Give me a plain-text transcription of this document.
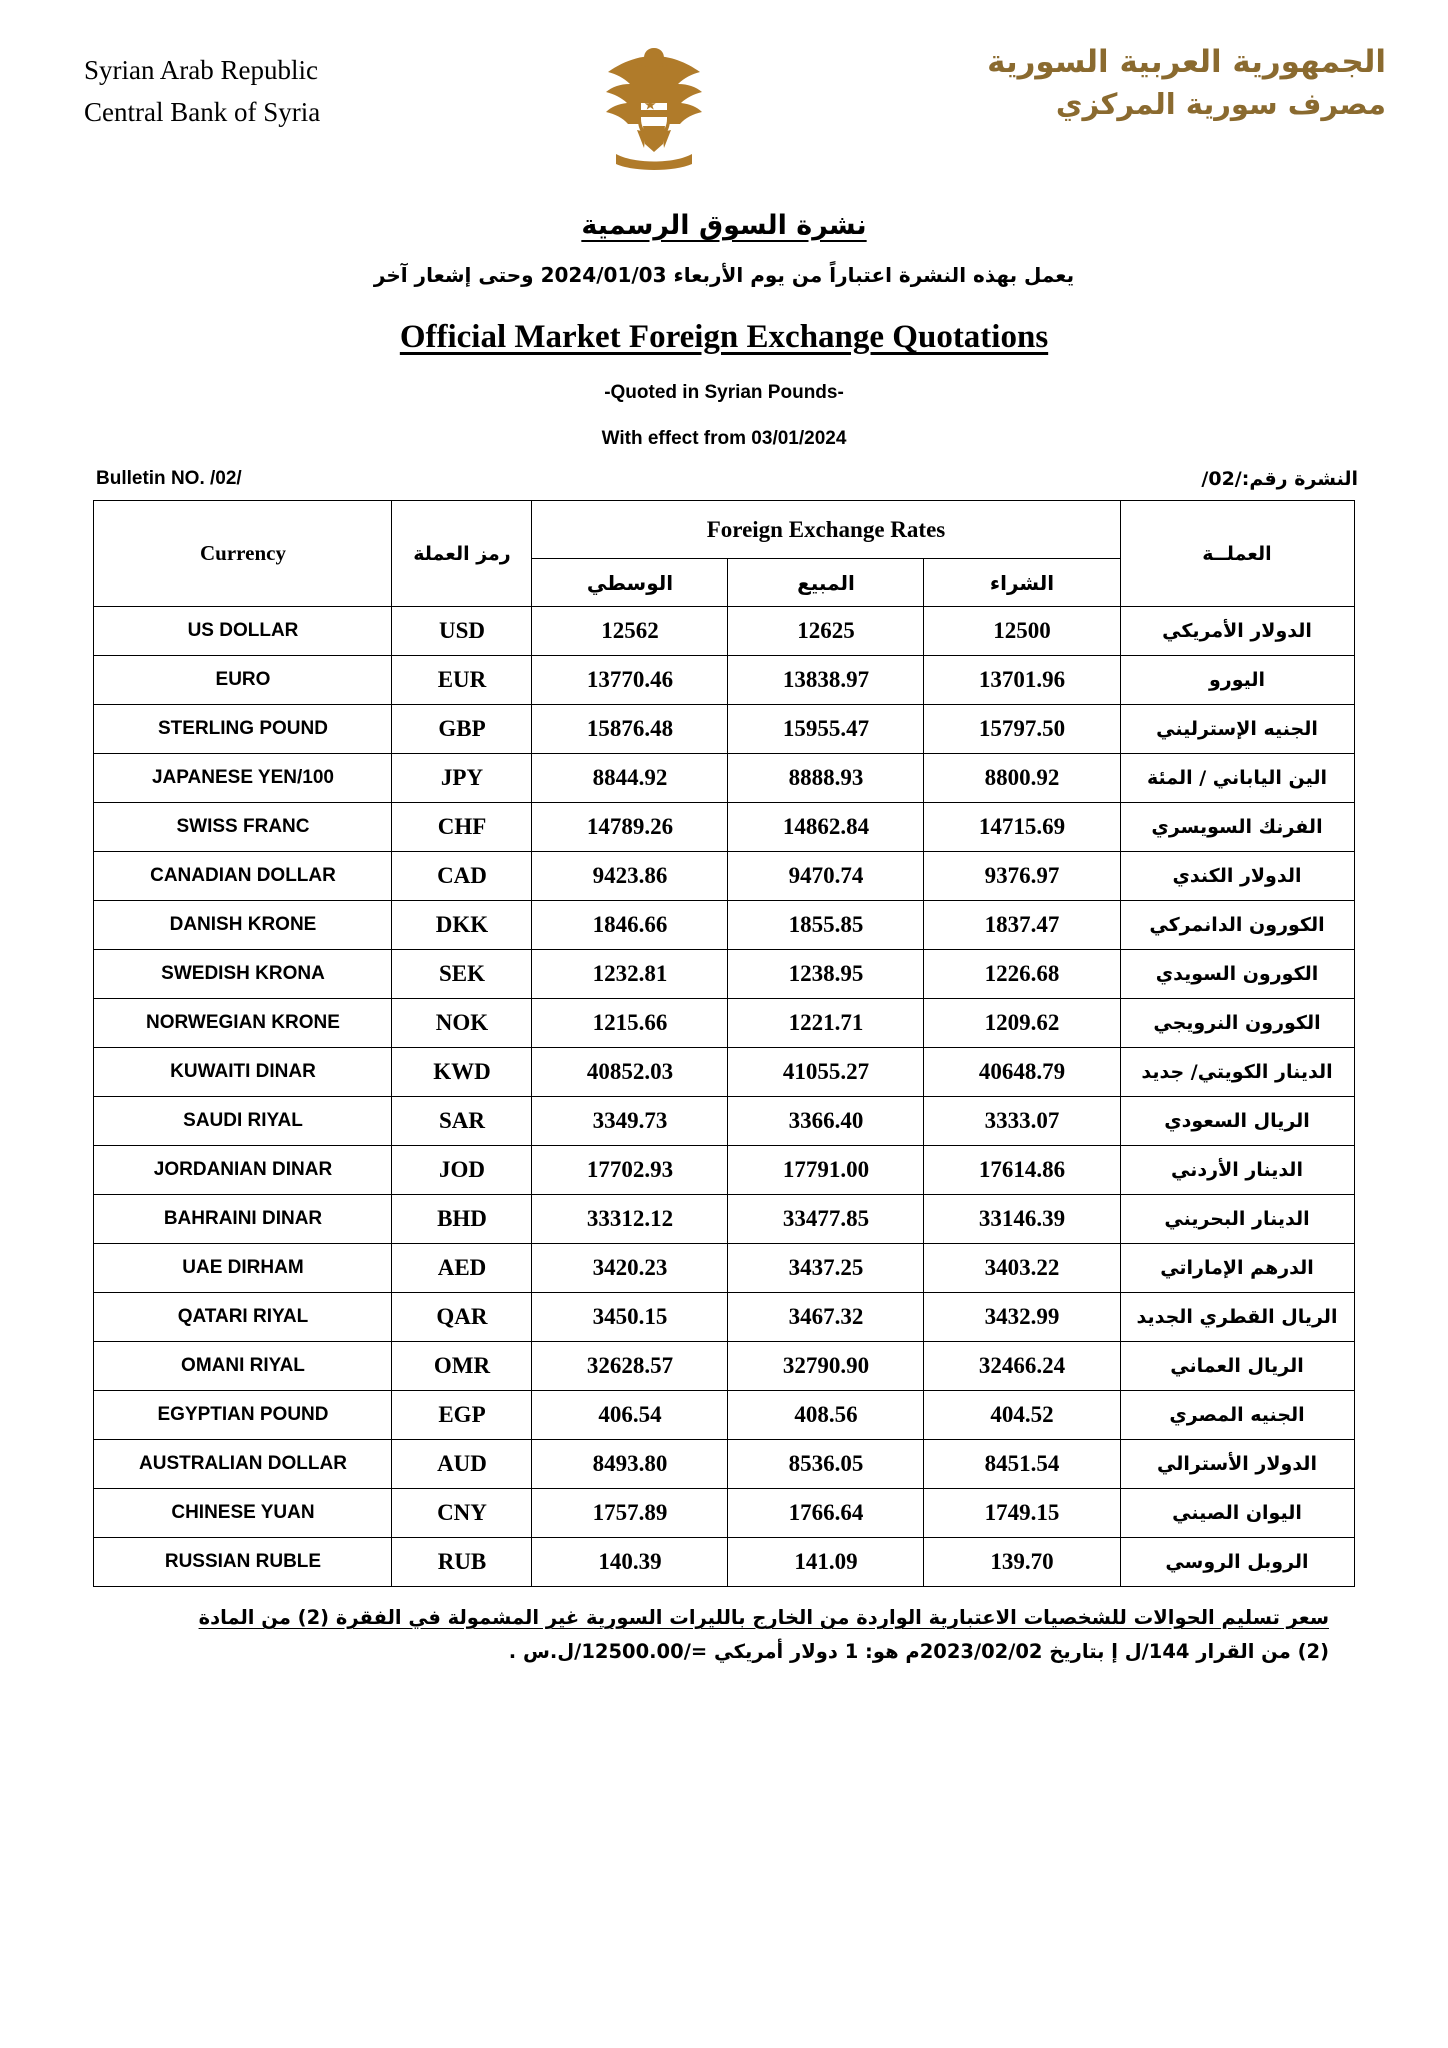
Syrian Arab Republic
Central Bank of Syria
الجمهورية العربية السورية
مصرف سورية المركزي
نشرة السوق الرسمية
يعمل بهذه النشرة اعتباراً من يوم الأربعاء 2024/01/03 وحتى إشعار آخر
Official Market Foreign Exchange Quotations
-Quoted in Syrian Pounds-
With effect from 03/01/2024
Bulletin NO. /02/	النشرة رقم:/02/
Currency	رمز العملة	Foreign Exchange Rates			العملــة
		الوسطي	المبيع	الشراء	
US DOLLAR	USD	12562	12625	12500	الدولار الأمريكي
EURO	EUR	13770.46	13838.97	13701.96	اليورو
STERLING POUND	GBP	15876.48	15955.47	15797.50	الجنيه الإسترليني
JAPANESE YEN/100	JPY	8844.92	8888.93	8800.92	الين الياباني / المئة
SWISS FRANC	CHF	14789.26	14862.84	14715.69	الفرنك السويسري
CANADIAN DOLLAR	CAD	9423.86	9470.74	9376.97	الدولار الكندي
DANISH KRONE	DKK	1846.66	1855.85	1837.47	الكورون الدانمركي
SWEDISH KRONA	SEK	1232.81	1238.95	1226.68	الكورون السويدي
NORWEGIAN KRONE	NOK	1215.66	1221.71	1209.62	الكورون النرويجي
KUWAITI DINAR	KWD	40852.03	41055.27	40648.79	الدينار الكويتي/ جديد
SAUDI RIYAL	SAR	3349.73	3366.40	3333.07	الريال السعودي
JORDANIAN DINAR	JOD	17702.93	17791.00	17614.86	الدينار الأردني
BAHRAINI DINAR	BHD	33312.12	33477.85	33146.39	الدينار البحريني
UAE DIRHAM	AED	3420.23	3437.25	3403.22	الدرهم الإماراتي
QATARI RIYAL	QAR	3450.15	3467.32	3432.99	الريال القطري الجديد
OMANI RIYAL	OMR	32628.57	32790.90	32466.24	الريال العماني
EGYPTIAN POUND	EGP	406.54	408.56	404.52	الجنيه المصري
AUSTRALIAN DOLLAR	AUD	8493.80	8536.05	8451.54	الدولار الأسترالي
CHINESE YUAN	CNY	1757.89	1766.64	1749.15	اليوان الصيني
RUSSIAN RUBLE	RUB	140.39	141.09	139.70	الروبل الروسي
سعر تسليم الحوالات للشخصيات الاعتبارية الواردة من الخارج بالليرات السورية غير المشمولة في الفقرة (2) من المادة
(2) من القرار 144/ل إ بتاريخ 2023/02/02م هو: 1 دولار أمريكي =/12500.00/ل.س .
